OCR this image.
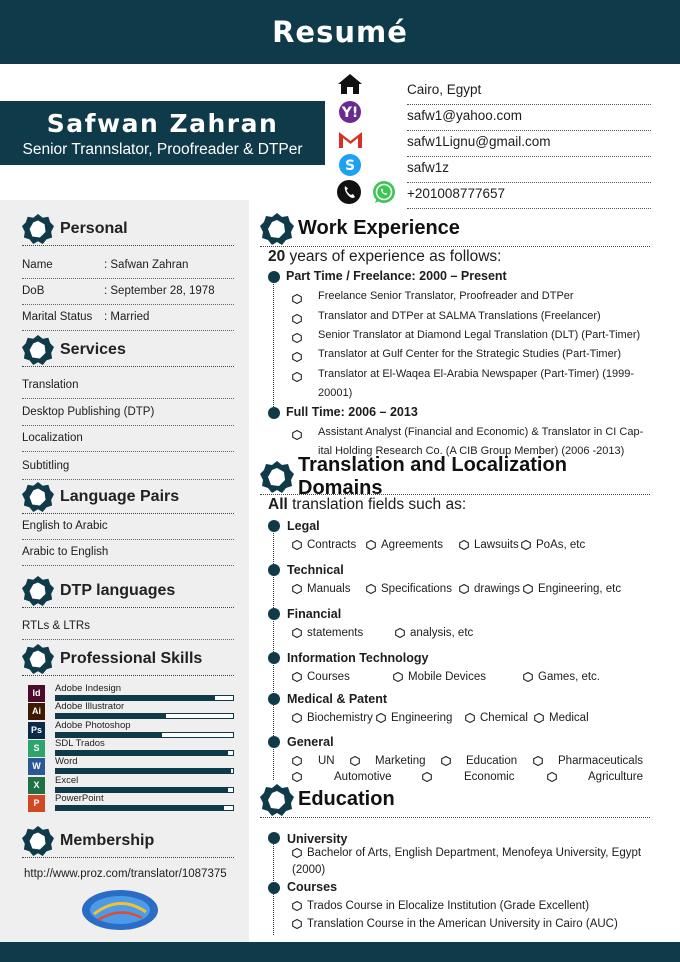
Resumé
Safwan Zahran
Senior Trannslator, Proofreader & DTPer
Cairo, Egypt
Y!	safw1@yahoo.com
safw1Lignu@gmail.com
S	safw1z
+201008777657
Personal
Name	: Safwan Zahran
DoB	: September 28, 1978
Marital Status : Married
Services
Translation
Desktop Publishing (DTP)
Localization
Subtitling
Language Pairs
English to Arabic
Arabic to English
DTP languages
RTLs & LTRs
Professional Skills
Id	Adobe Indesign
Ai	Adobe Illustrator
Ps	Adobe Photoshop
S	SDL Trados
W	Word
X	Excel
P	PowerPoint
Membership
http://www.proz.com/translator/1087375
Work Experience
20 years of experience as follows:
Part Time / Freelance: 2000 – Present
Freelance Senior Translator, Proofreader and DTPer
Translator and DTPer at SALMA Translations (Freelancer)
Senior Translator at Diamond Legal Translation (DLT) (Part-Timer)
Translator at Gulf Center for the Strategic Studies (Part-Timer)
Translator at El-Waqea El-Arabia Newspaper (Part-Timer) (1999-
20001)
Full Time: 2006 – 2013
Assistant Analyst (Financial and Economic) & Translator in CI Cap-
ital Holding Research Co. (A CIB Group Member) (2006 -2013)
Translation and Localization Domains
All translation fields such as:
Legal
Contracts Agreements	Lawsuits PoAs, etc
Technical
Manuals	Specifications drawings Engineering, etc
Financial
statements	analysis, etc
Information Technology
Courses	Mobile Devices	Games, etc.
Medical & Patent
Biochemistry Engineering Chemical Medical
General
UN	Marketing	Education	Pharmaceuticals
Automotive	Economic	Agriculture
Education
University
Bachelor of Arts, English Department, Menofeya University, Egypt
(2000)
Courses
Trados Course in Elocalize Institution (Grade Excellent)
Translation Course in the American University in Cairo (AUC)
